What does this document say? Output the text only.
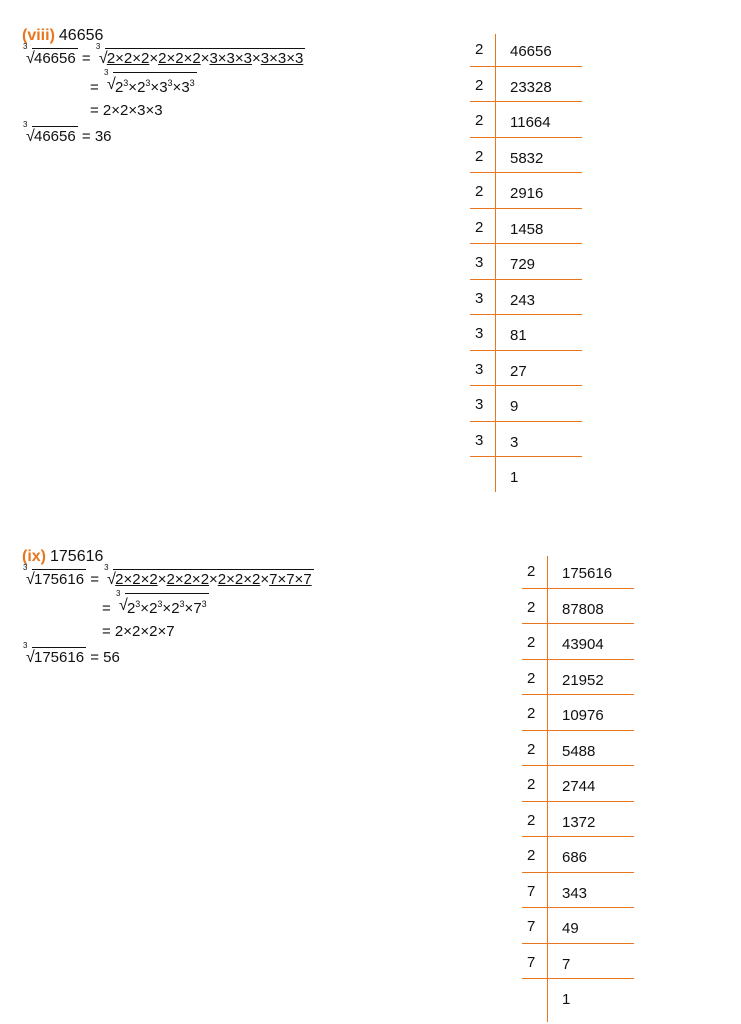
(viii) 46656
3
√ 46656 =
3
√ 2×2×2×2×2×2×3×3×3×3×3×3
=
3
√ $2^3\times 2^3\times 3^3\times 3^3$
= 2×2×3×3
3
√ 46656 = 36
2 46656
2 23328
2 11664
2 5832
2 2916
2 1458
3 729
3 243
3 81
3 27
3 9
3 3
1
(ix) 175616
3
√ 175616 =
3
√ 2×2×2×2×2×2×2×2×2×7×7×7
=
3
√ $2^3\times 2^3\times 2^3\times 7^3$
= 2×2×2×7
3
√ 175616 = 56
2 175616
2 87808
2 43904
2 21952
2 10976
2 5488
2 2744
2 1372
2 686
7 343
7 49
7 7
1
